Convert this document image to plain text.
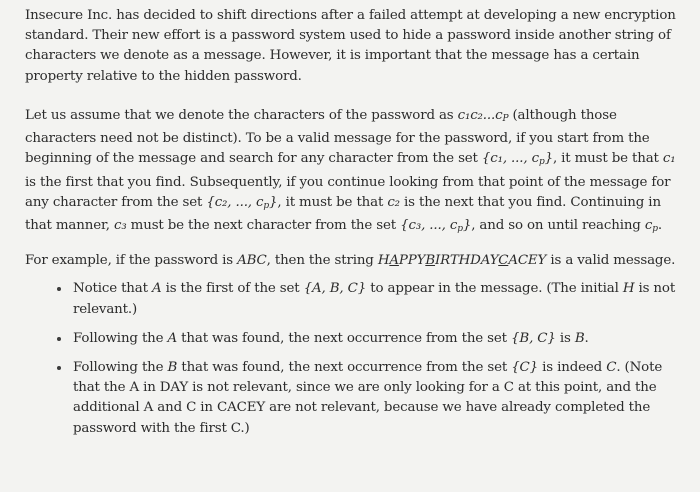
Insecure Inc. has decided to shift directions after a failed attempt at developing a new encryption standard. Their new effort is a password system used to hide a password inside another string of characters we denote as a message. However, it is important that the message has a certain property relative to the hidden password.

Let us assume that we denote the characters of the password as $c_1c_2...c_P$ (although those characters need not be distinct). To be a valid message for the password, if you start from the beginning of the message and search for any character from the set {c₁, ..., $c_p$}, it must be that c₁ is the first that you find. Subsequently, if you continue looking from that point of the message for any character from the set {c₂, ..., $c_p$}, it must be that c₂ is the next that you find. Continuing in that manner, c₃ must be the next character from the set {c₃, ..., $c_p$}, and so on until reaching $c_p$.

For example, if the password is ABC, then the string HAPPYBIRTHDAYCACEY is a valid message.

Notice that A is the first of the set {A, B, C} to appear in the message. (The initial H is not relevant.)
Following the A that was found, the next occurrence from the set {B, C} is B.
Following the B that was found, the next occurrence from the set {C} is indeed C. (Note that the A in DAY is not relevant, since we are only looking for a C at this point, and the additional A and C in CACEY are not relevant, because we have already completed the password with the first C.)
